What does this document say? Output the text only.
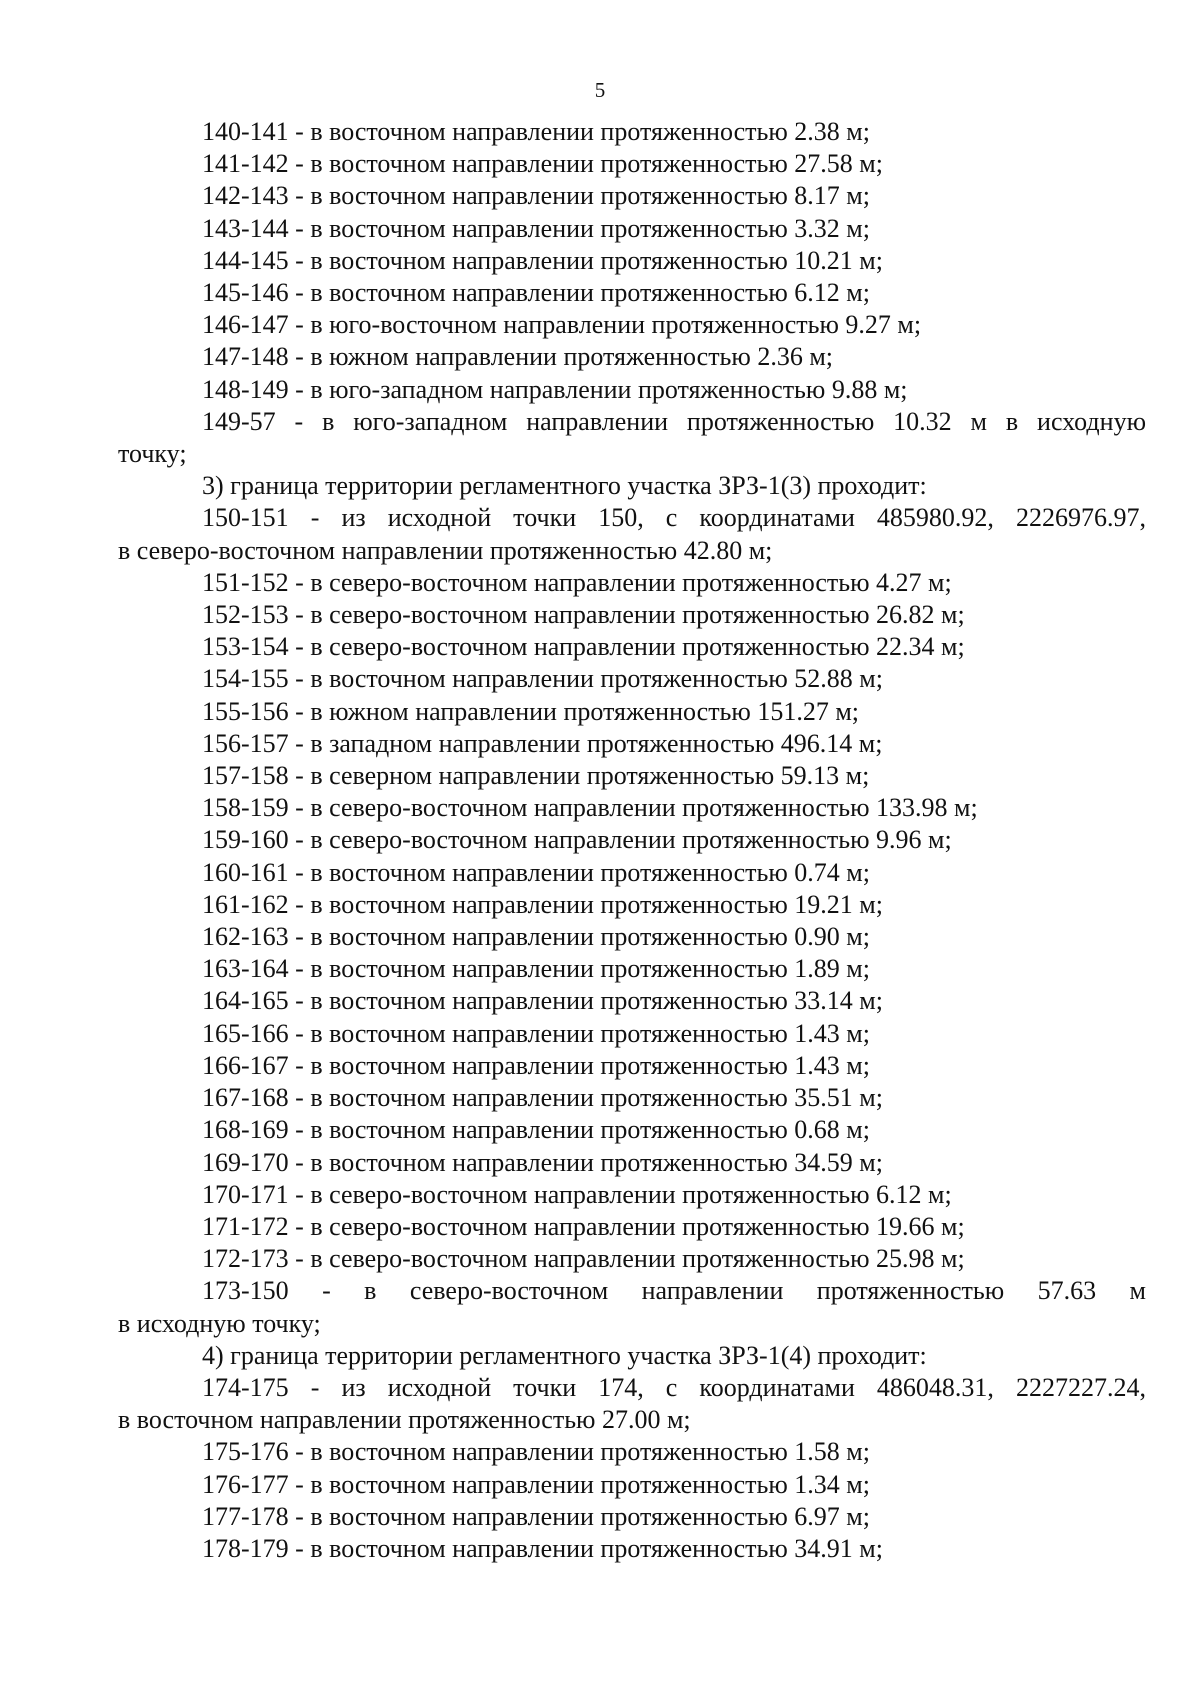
5
140-141 - в восточном направлении протяженностью 2.38 м;
141-142 - в восточном направлении протяженностью 27.58 м;
142-143 - в восточном направлении протяженностью 8.17 м;
143-144 - в восточном направлении протяженностью 3.32 м;
144-145 - в восточном направлении протяженностью 10.21 м;
145-146 - в восточном направлении протяженностью 6.12 м;
146-147 - в юго-восточном направлении протяженностью 9.27 м;
147-148 - в южном направлении протяженностью 2.36 м;
148-149 - в юго-западном направлении протяженностью 9.88 м;
149-57 - в юго-западном направлении протяженностью 10.32 м в исходную
точку;
3) граница территории регламентного участка ЗРЗ-1(3) проходит:
150-151 - из исходной точки 150, с координатами 485980.92, 2226976.97,
в северо-восточном направлении протяженностью 42.80 м;
151-152 - в северо-восточном направлении протяженностью 4.27 м;
152-153 - в северо-восточном направлении протяженностью 26.82 м;
153-154 - в северо-восточном направлении протяженностью 22.34 м;
154-155 - в восточном направлении протяженностью 52.88 м;
155-156 - в южном направлении протяженностью 151.27 м;
156-157 - в западном направлении протяженностью 496.14 м;
157-158 - в северном направлении протяженностью 59.13 м;
158-159 - в северо-восточном направлении протяженностью 133.98 м;
159-160 - в северо-восточном направлении протяженностью 9.96 м;
160-161 - в восточном направлении протяженностью 0.74 м;
161-162 - в восточном направлении протяженностью 19.21 м;
162-163 - в восточном направлении протяженностью 0.90 м;
163-164 - в восточном направлении протяженностью 1.89 м;
164-165 - в восточном направлении протяженностью 33.14 м;
165-166 - в восточном направлении протяженностью 1.43 м;
166-167 - в восточном направлении протяженностью 1.43 м;
167-168 - в восточном направлении протяженностью 35.51 м;
168-169 - в восточном направлении протяженностью 0.68 м;
169-170 - в восточном направлении протяженностью 34.59 м;
170-171 - в северо-восточном направлении протяженностью 6.12 м;
171-172 - в северо-восточном направлении протяженностью 19.66 м;
172-173 - в северо-восточном направлении протяженностью 25.98 м;
173-150 - в северо-восточном направлении протяженностью 57.63 м
в исходную точку;
4) граница территории регламентного участка ЗРЗ-1(4) проходит:
174-175 - из исходной точки 174, с координатами 486048.31, 2227227.24,
в восточном направлении протяженностью 27.00 м;
175-176 - в восточном направлении протяженностью 1.58 м;
176-177 - в восточном направлении протяженностью 1.34 м;
177-178 - в восточном направлении протяженностью 6.97 м;
178-179 - в восточном направлении протяженностью 34.91 м;
